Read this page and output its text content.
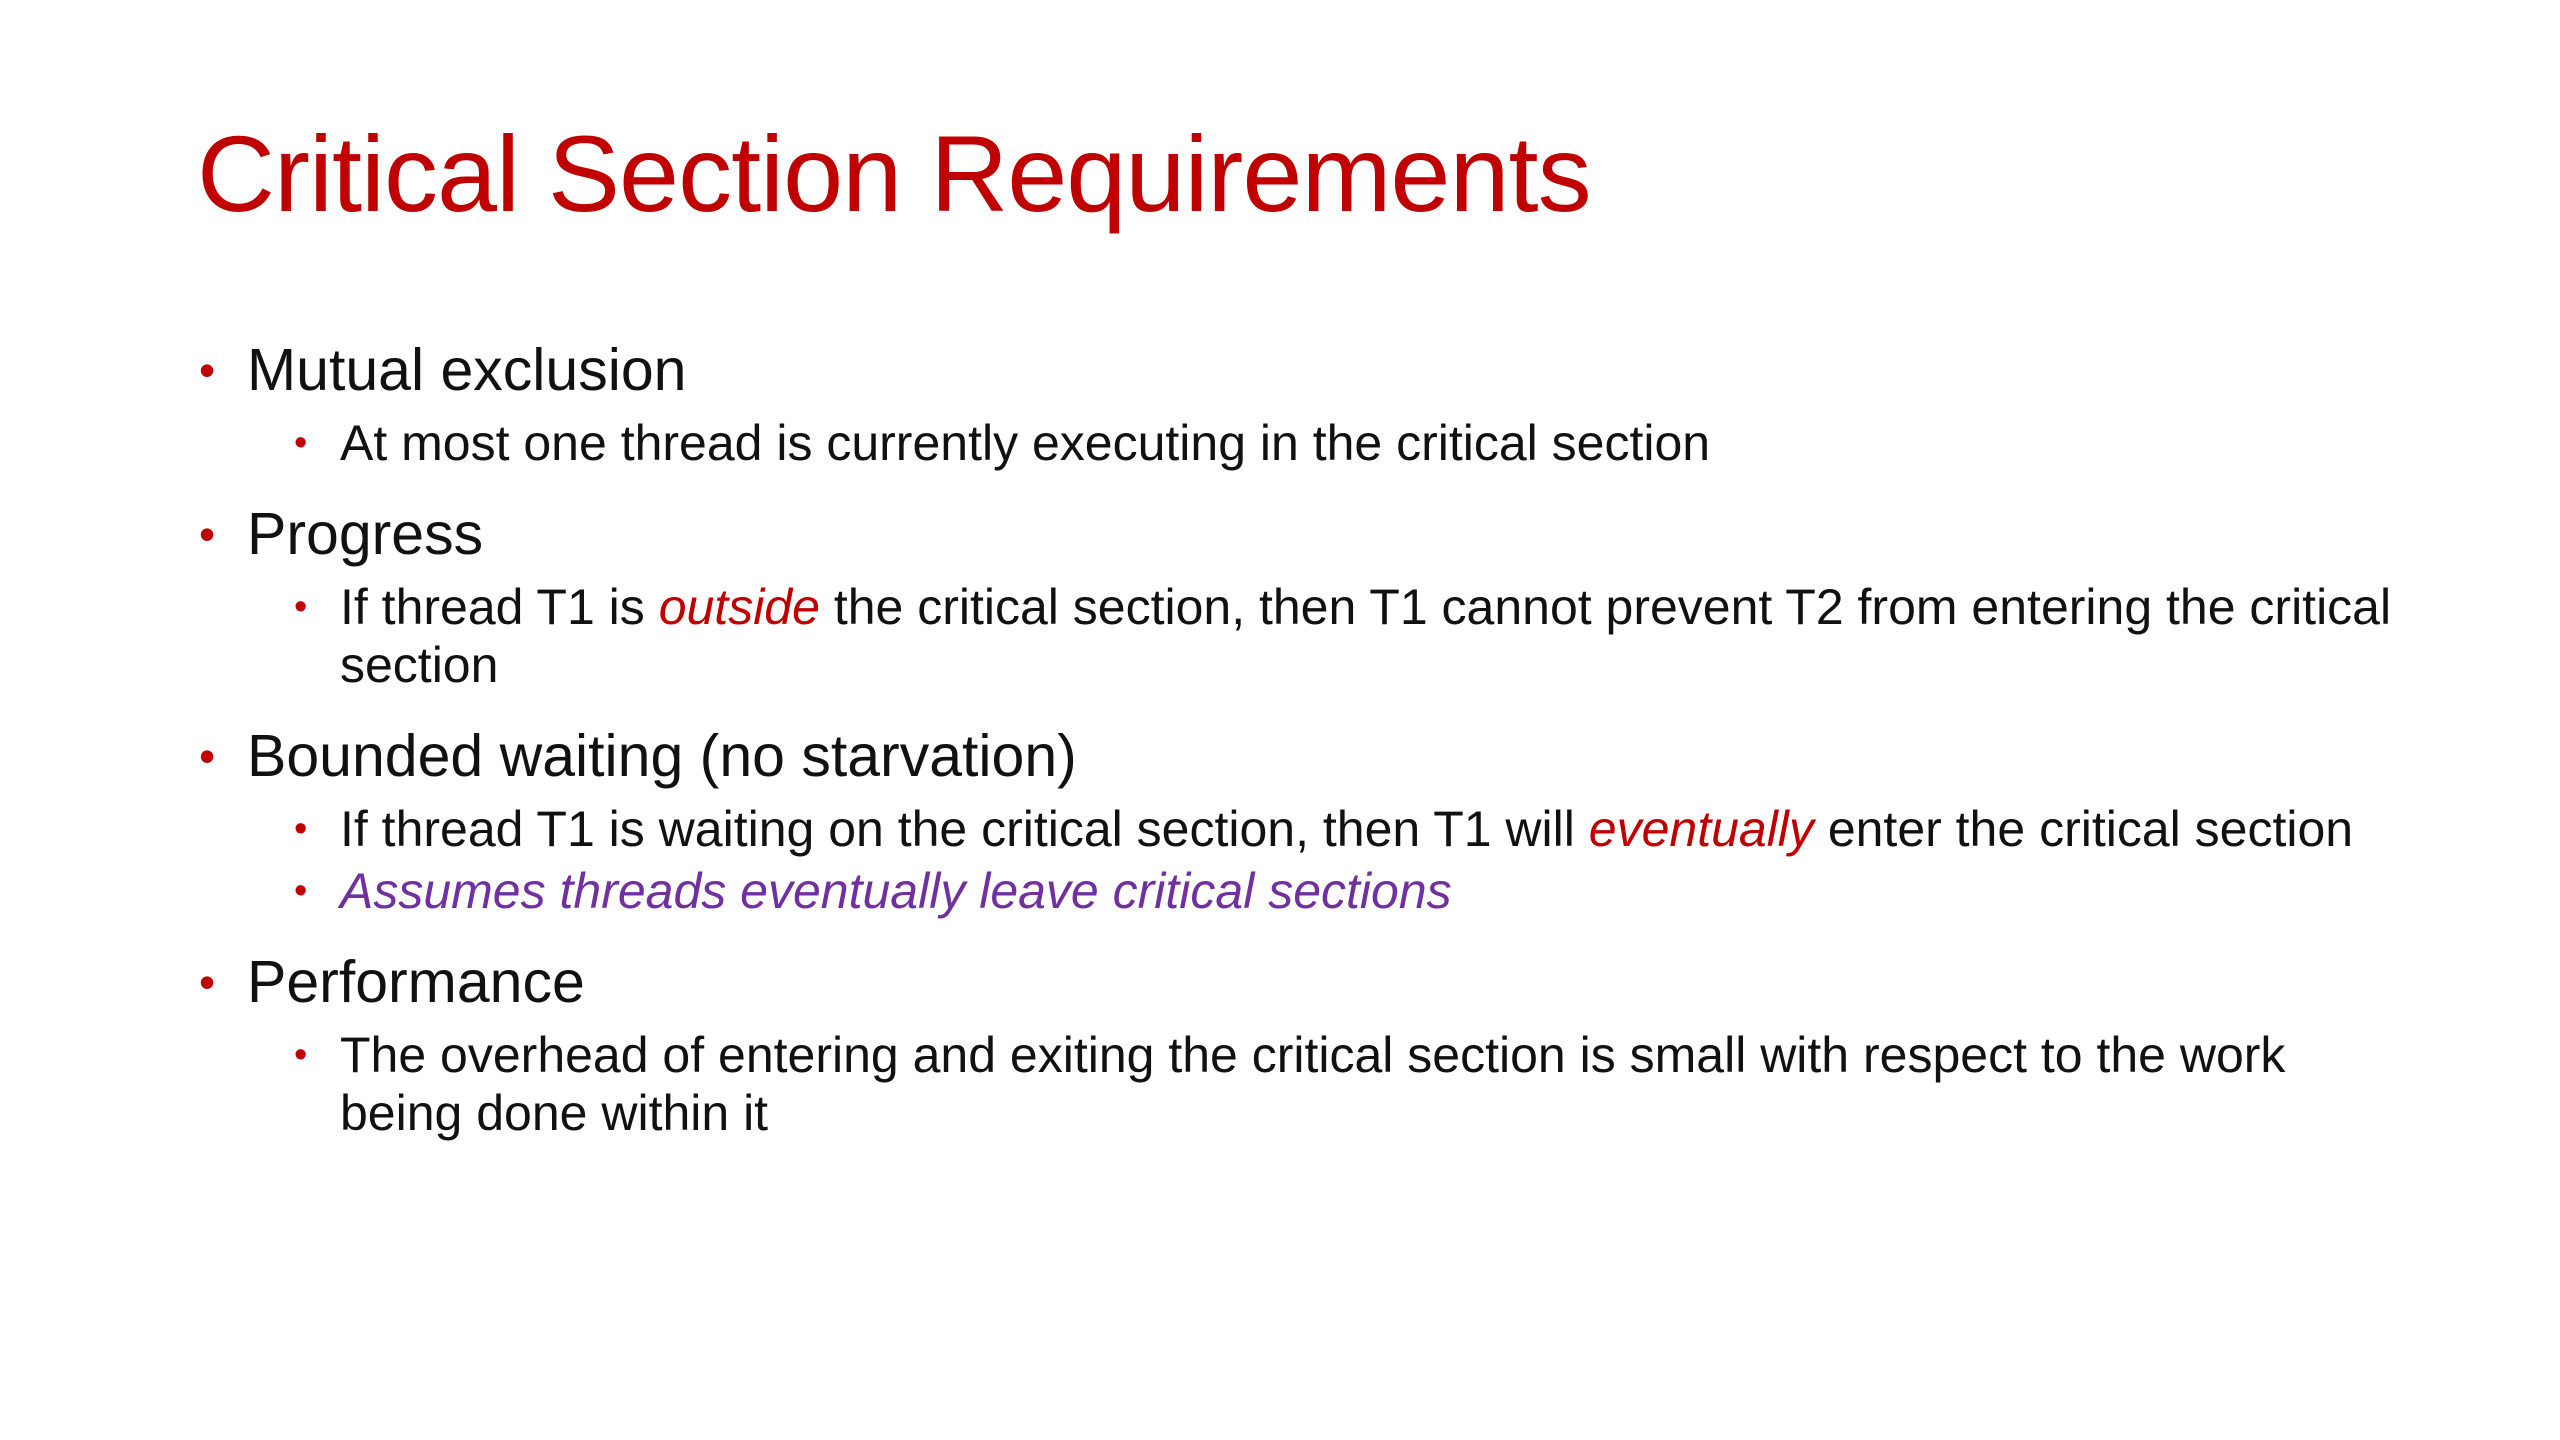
Critical Section Requirements
• Mutual exclusion
• At most one thread is currently executing in the critical section
• Progress
• If thread T1 is outside the critical section, then T1 cannot prevent T2 from entering the critical section
• Bounded waiting (no starvation)
• If thread T1 is waiting on the critical section, then T1 will eventually enter the critical section
• Assumes threads eventually leave critical sections
• Performance
• The overhead of entering and exiting the critical section is small with respect to the work being done within it
